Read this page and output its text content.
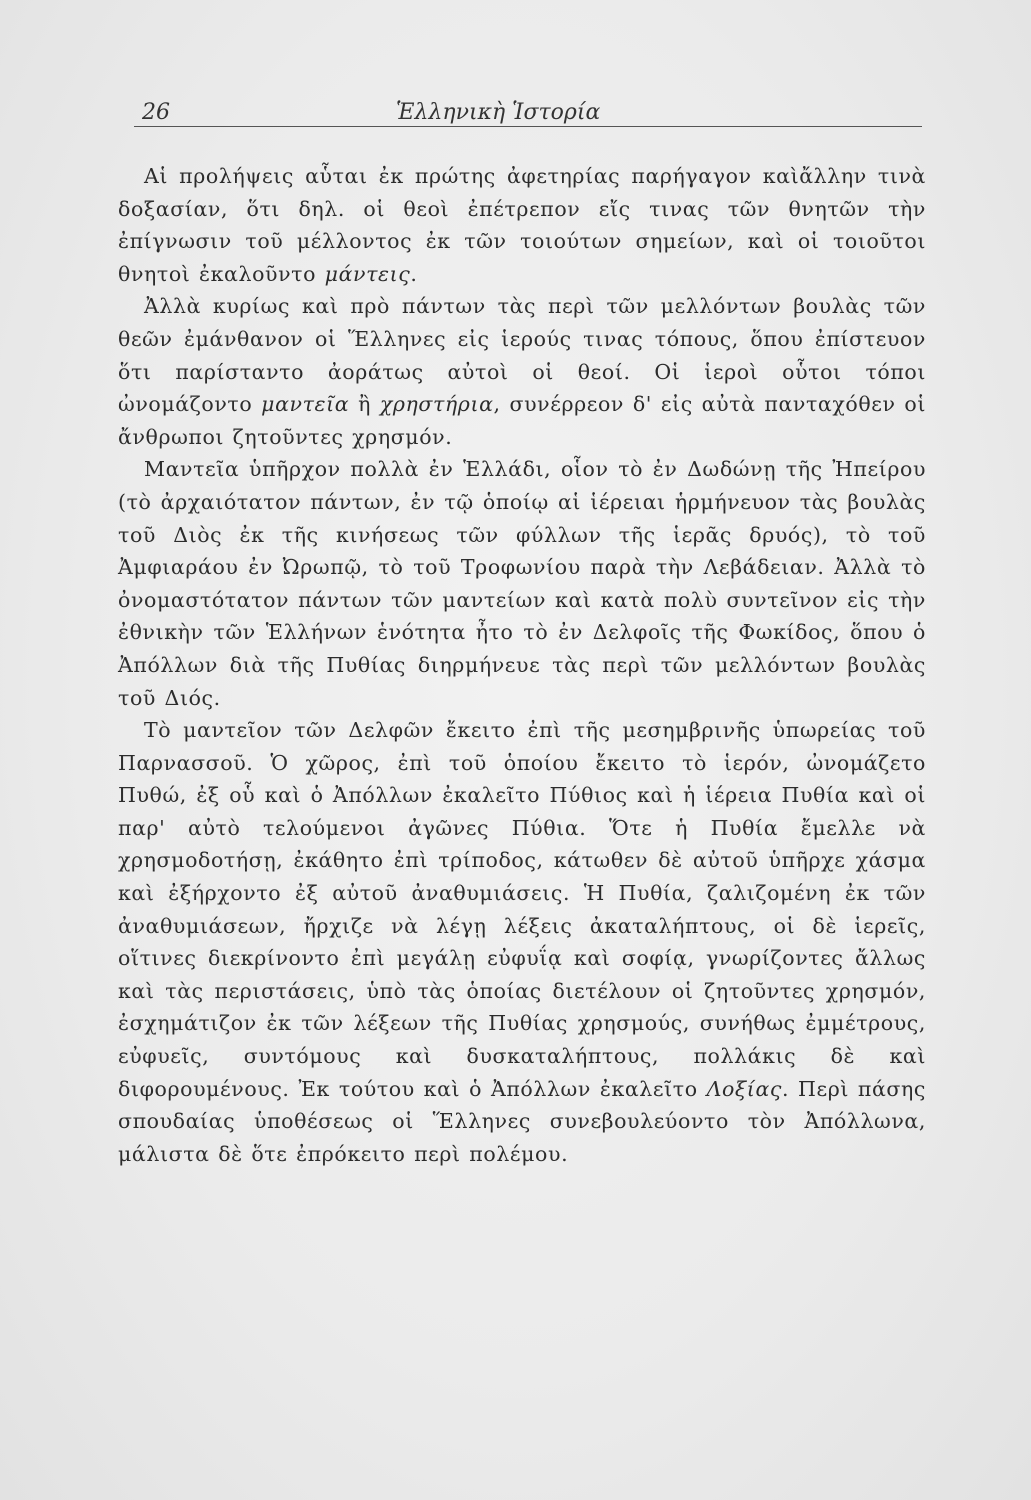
26	Ἑλληνικὴ Ἱστορία

Αἱ προλήψεις αὗται ἐκ πρώτης ἀφετηρίας παρήγαγον καὶἄλλην τινὰ δοξασίαν, ὅτι δηλ. οἱ θεοὶ ἐπέτρεπον εἴς τινας τῶν θνητῶν τὴν ἐπίγνωσιν τοῦ μέλλοντος ἐκ τῶν τοιούτων σημείων, καὶ οἱ τοιοῦτοι θνητοὶ ἐκαλοῦντο μάντεις.

Ἀλλὰ κυρίως καὶ πρὸ πάντων τὰς περὶ τῶν μελλόντων βουλὰς τῶν θεῶν ἐμάνθανον οἱ Ἕλληνες εἰς ἱερούς τινας τόπους, ὅπου ἐπίστευον ὅτι παρίσταντο ἀοράτως αὐτοὶ οἱ θεοί. Οἱ ἱεροὶ οὗτοι τόποι ὠνομάζοντο μαντεῖα ἢ χρηστήρια, συνέρρεον δ' εἰς αὐτὰ πανταχόθεν οἱ ἄνθρωποι ζητοῦντες χρησμόν.

Μαντεῖα ὑπῆρχον πολλὰ ἐν Ἑλλάδι, οἷον τὸ ἐν Δωδώνῃ τῆς Ἠπείρου (τὸ ἀρχαιότατον πάντων, ἐν τῷ ὁποίῳ αἱ ἱέρειαι ἡρμήνευον τὰς βουλὰς τοῦ Διὸς ἐκ τῆς κινήσεως τῶν φύλλων τῆς ἱερᾶς δρυός), τὸ τοῦ Ἀμφιαράου ἐν Ὠρωπῷ, τὸ τοῦ Τροφωνίου παρὰ τὴν Λεβάδειαν. Ἀλλὰ τὸ ὀνομαστότατον πάντων τῶν μαντείων καὶ κατὰ πολὺ συντεῖνον εἰς τὴν ἐθνικὴν τῶν Ἑλλήνων ἑνότητα ἦτο τὸ ἐν Δελφοῖς τῆς Φωκίδος, ὅπου ὁ Ἀπόλλων διὰ τῆς Πυθίας διηρμήνευε τὰς περὶ τῶν μελλόντων βουλὰς τοῦ Διός.

Τὸ μαντεῖον τῶν Δελφῶν ἔκειτο ἐπὶ τῆς μεσημβρινῆς ὑπωρείας τοῦ Παρνασσοῦ. Ὁ χῶρος, ἐπὶ τοῦ ὁποίου ἔκειτο τὸ ἱερόν, ὠνομάζετο Πυθώ, ἐξ οὗ καὶ ὁ Ἀπόλλων ἐκαλεῖτο Πύθιος καὶ ἡ ἱέρεια Πυθία καὶ οἱ παρ' αὐτὸ τελούμενοι ἀγῶνες Πύθια. Ὅτε ἡ Πυθία ἔμελλε νὰ χρησμοδοτήσῃ, ἐκάθητο ἐπὶ τρίποδος, κάτωθεν δὲ αὐτοῦ ὑπῆρχε χάσμα καὶ ἐξήρχοντο ἐξ αὐτοῦ ἀναθυμιάσεις. Ἡ Πυθία, ζαλιζομένη ἐκ τῶν ἀναθυμιάσεων, ἤρχιζε νὰ λέγῃ λέξεις ἀκαταλήπτους, οἱ δὲ ἱερεῖς, οἵτινες διεκρίνοντο ἐπὶ μεγάλῃ εὐφυΐᾳ καὶ σοφίᾳ, γνωρίζοντες ἄλλως καὶ τὰς περιστάσεις, ὑπὸ τὰς ὁποίας διετέλουν οἱ ζητοῦντες χρησμόν, ἐσχημάτιζον ἐκ τῶν λέξεων τῆς Πυθίας χρησμούς, συνήθως ἐμμέτρους, εὐφυεῖς, συντόμους καὶ δυσκαταλήπτους, πολλάκις δὲ καὶ διφορουμένους. Ἐκ τούτου καὶ ὁ Ἀπόλλων ἐκαλεῖτο Λοξίας. Περὶ πάσης σπουδαίας ὑποθέσεως οἱ Ἕλληνες συνεβουλεύοντο τὸν Ἀπόλλωνα, μάλιστα δὲ ὅτε ἐπρόκειτο περὶ πολέμου.
